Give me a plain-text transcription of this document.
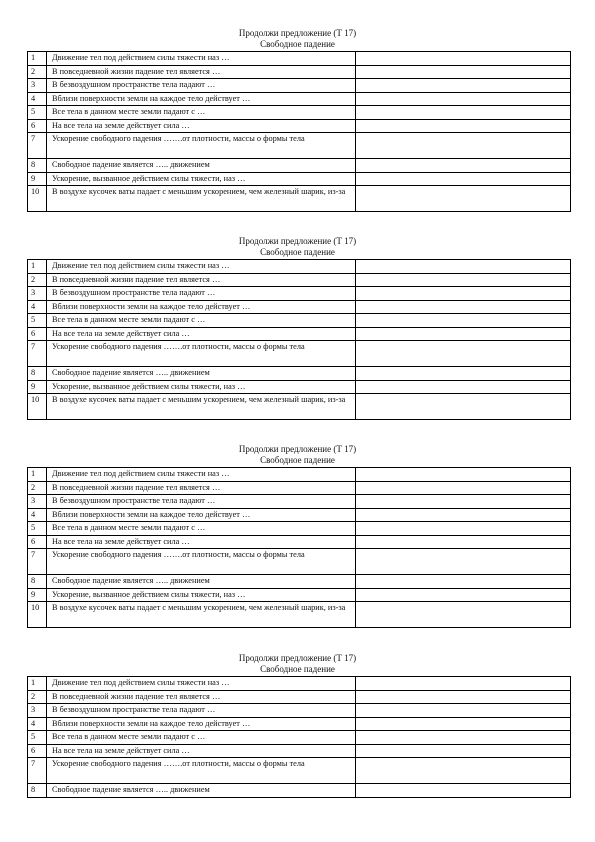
Продолжи предложение (Т 17)
Свободное падение
1	Движение тел под действием силы тяжести наз …	
2	В повседневной жизни падение тел является …	
3	В безвоздушном пространстве тела падают …	
4	Вблизи поверхности земли на каждое тело действует …	
5	Все тела в данном месте земли падают с …	
6	На все тела на земле действует сила …	
7	Ускорение свободного падения …….от плотности, массы о формы тела	
8	Свободное падение является ….. движением	
9	Ускорение, вызванное действием силы тяжести, наз …	
10	В воздухе кусочек ваты падает с меньшим ускорением, чем железный шарик, из-за	
Продолжи предложение (Т 17)
Свободное падение
1	Движение тел под действием силы тяжести наз …	
2	В повседневной жизни падение тел является …	
3	В безвоздушном пространстве тела падают …	
4	Вблизи поверхности земли на каждое тело действует …	
5	Все тела в данном месте земли падают с …	
6	На все тела на земле действует сила …	
7	Ускорение свободного падения …….от плотности, массы о формы тела	
8	Свободное падение является ….. движением	
9	Ускорение, вызванное действием силы тяжести, наз …	
10	В воздухе кусочек ваты падает с меньшим ускорением, чем железный шарик, из-за	
Продолжи предложение (Т 17)
Свободное падение
1	Движение тел под действием силы тяжести наз …	
2	В повседневной жизни падение тел является …	
3	В безвоздушном пространстве тела падают …	
4	Вблизи поверхности земли на каждое тело действует …	
5	Все тела в данном месте земли падают с …	
6	На все тела на земле действует сила …	
7	Ускорение свободного падения …….от плотности, массы о формы тела	
8	Свободное падение является ….. движением	
9	Ускорение, вызванное действием силы тяжести, наз …	
10	В воздухе кусочек ваты падает с меньшим ускорением, чем железный шарик, из-за	
Продолжи предложение (Т 17)
Свободное падение
1	Движение тел под действием силы тяжести наз …	
2	В повседневной жизни падение тел является …	
3	В безвоздушном пространстве тела падают …	
4	Вблизи поверхности земли на каждое тело действует …	
5	Все тела в данном месте земли падают с …	
6	На все тела на земле действует сила …	
7	Ускорение свободного падения …….от плотности, массы о формы тела	
8	Свободное падение является ….. движением	
